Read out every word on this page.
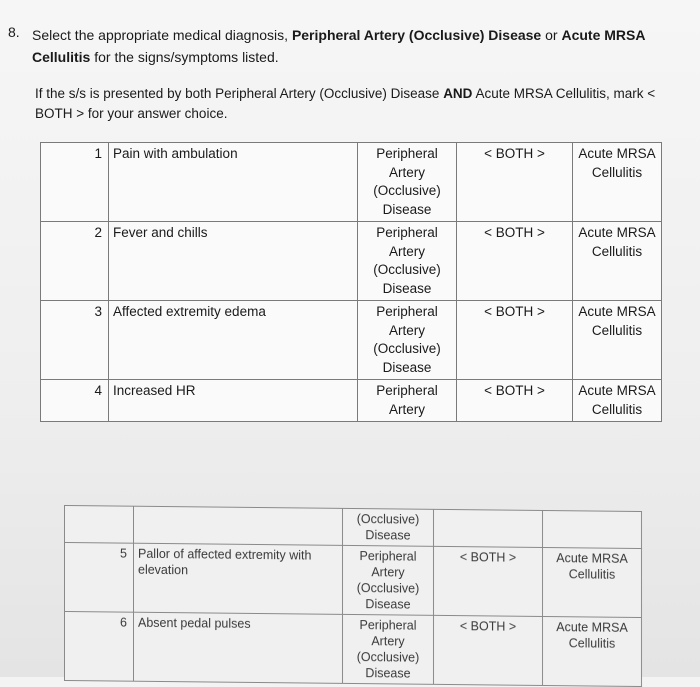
8. Select the appropriate medical diagnosis, Peripheral Artery (Occlusive) Disease or Acute MRSA Cellulitis for the signs/symptoms listed.
If the s/s is presented by both Peripheral Artery (Occlusive) Disease AND Acute MRSA Cellulitis, mark < BOTH > for your answer choice.
1	Pain with ambulation	Peripheral Artery (Occlusive) Disease	< BOTH >	Acute MRSA Cellulitis
2	Fever and chills	Peripheral Artery (Occlusive) Disease	< BOTH >	Acute MRSA Cellulitis
3	Affected extremity edema	Peripheral Artery (Occlusive) Disease	< BOTH >	Acute MRSA Cellulitis
4	Increased HR	Peripheral Artery	< BOTH >	Acute MRSA Cellulitis
		(Occlusive) Disease		
5	Pallor of affected extremity with elevation	Peripheral Artery (Occlusive) Disease	< BOTH >	Acute MRSA Cellulitis
6	Absent pedal pulses	Peripheral Artery (Occlusive) Disease	< BOTH >	Acute MRSA Cellulitis
